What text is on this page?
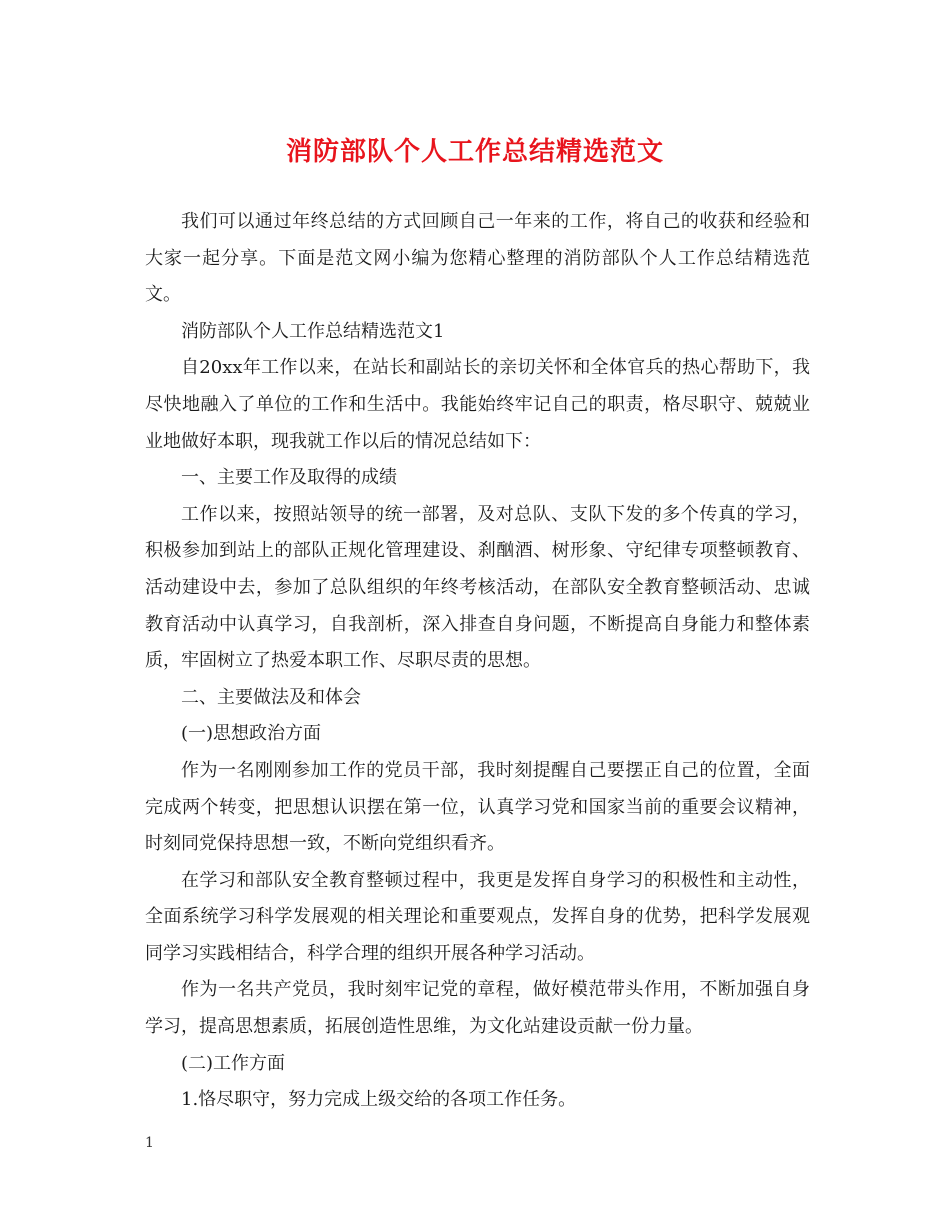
消防部队个人工作总结精选范文

我们可以通过年终总结的方式回顾自己一年来的工作，将自己的收获和经验和大家一起分享。下面是范文网小编为您精心整理的消防部队个人工作总结精选范文。

消防部队个人工作总结精选范文1

自20xx年工作以来，在站长和副站长的亲切关怀和全体官兵的热心帮助下，我尽快地融入了单位的工作和生活中。我能始终牢记自己的职责，格尽职守、兢兢业业地做好本职，现我就工作以后的情况总结如下：

一、主要工作及取得的成绩

工作以来，按照站领导的统一部署，及对总队、支队下发的多个传真的学习，积极参加到站上的部队正规化管理建设、刹酗酒、树形象、守纪律专项整顿教育、活动建设中去，参加了总队组织的年终考核活动，在部队安全教育整顿活动、忠诚教育活动中认真学习，自我剖析，深入排查自身问题，不断提高自身能力和整体素质，牢固树立了热爱本职工作、尽职尽责的思想。

二、主要做法及和体会

(一)思想政治方面

作为一名刚刚参加工作的党员干部，我时刻提醒自己要摆正自己的位置，全面完成两个转变，把思想认识摆在第一位，认真学习党和国家当前的重要会议精神，时刻同党保持思想一致，不断向党组织看齐。

在学习和部队安全教育整顿过程中，我更是发挥自身学习的积极性和主动性，全面系统学习科学发展观的相关理论和重要观点，发挥自身的优势，把科学发展观同学习实践相结合，科学合理的组织开展各种学习活动。

作为一名共产党员，我时刻牢记党的章程，做好模范带头作用，不断加强自身学习，提高思想素质，拓展创造性思维，为文化站建设贡献一份力量。

(二)工作方面

1.恪尽职守，努力完成上级交给的各项工作任务。

1
